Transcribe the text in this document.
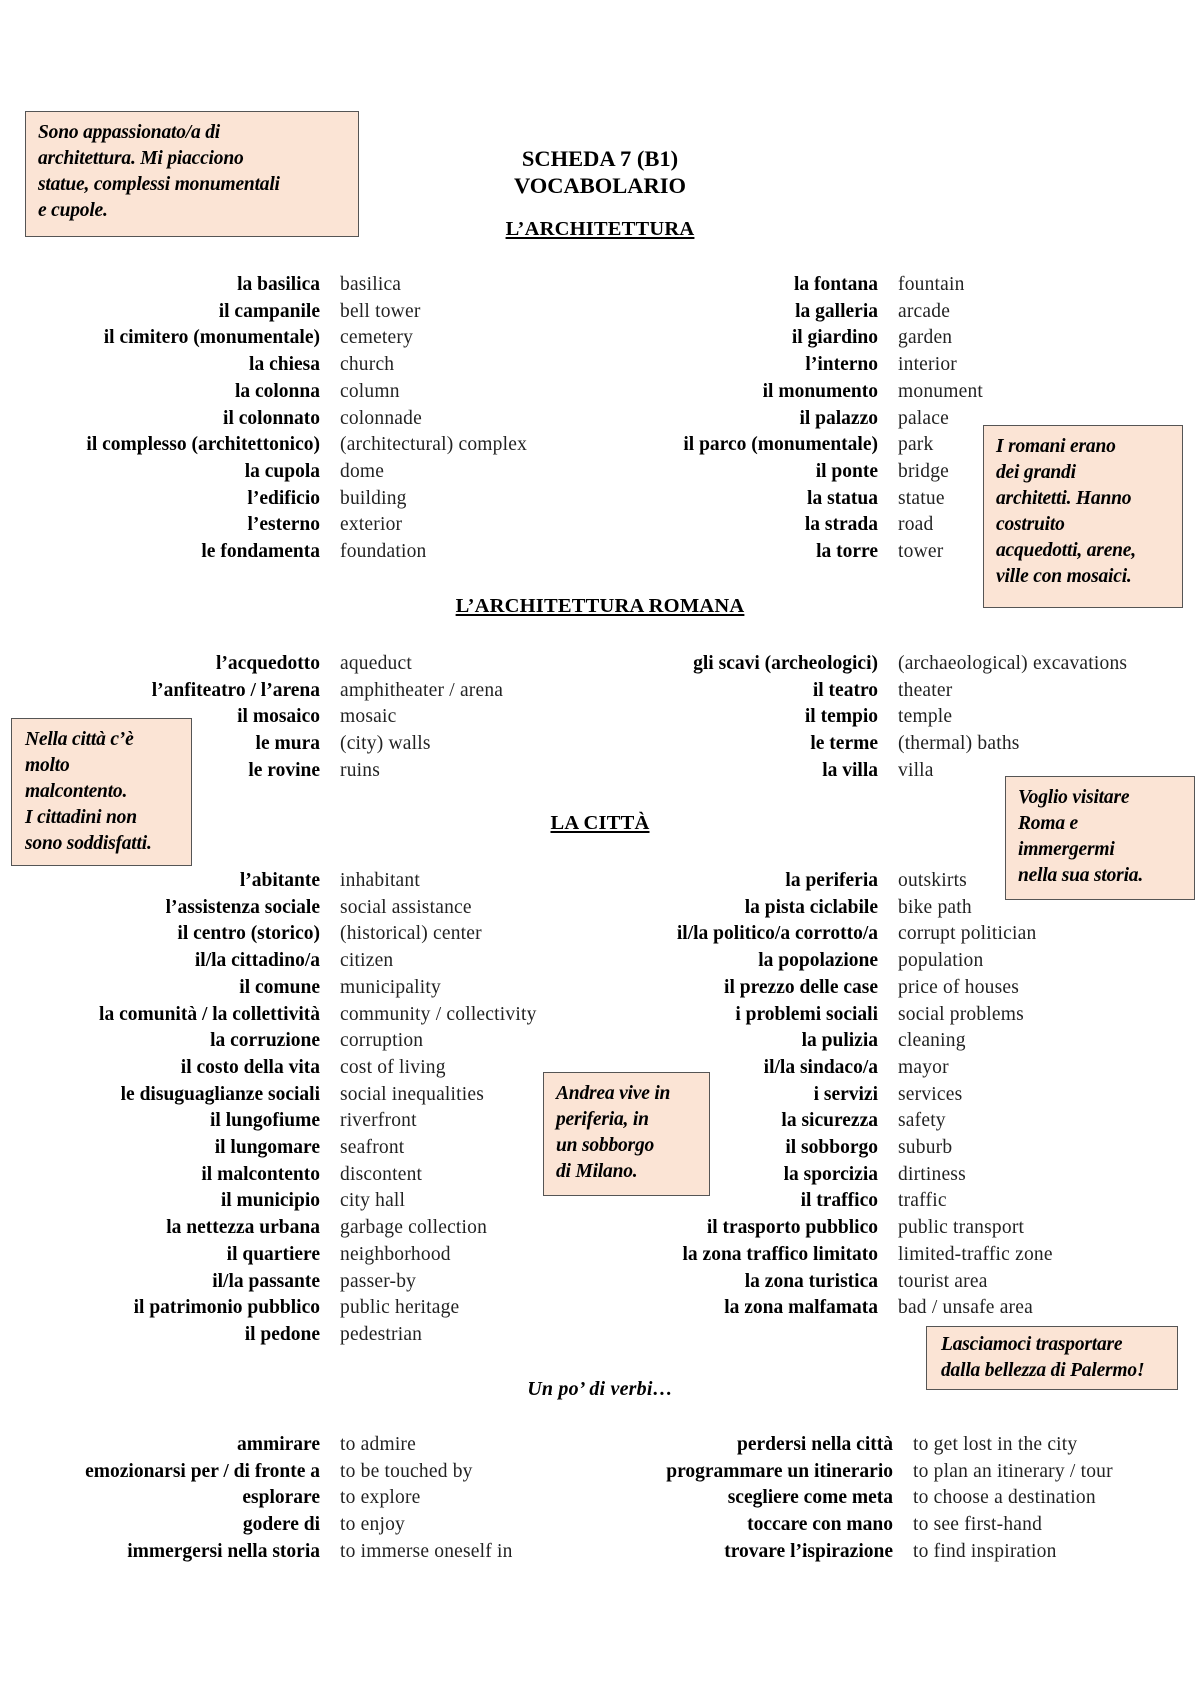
SCHEDA 7 (B1)
VOCABOLARIO
L’ARCHITETTURA
L’ARCHITETTURA ROMANA
LA CITTÀ
Un po’ di verbi…
la basilica basilica
il campanile bell tower
il cimitero (monumentale) cemetery
la chiesa church
la colonna column
il colonnato colonnade
il complesso (architettonico) (architectural) complex
la cupola dome
l’edificio building
l’esterno exterior
le fondamenta foundation
la fontana fountain
la galleria arcade
il giardino garden
l’interno interior
il monumento monument
il palazzo palace
il parco (monumentale) park
il ponte bridge
la statua statue
la strada road
la torre tower
l’acquedotto aqueduct
l’anfiteatro / l’arena amphitheater / arena
il mosaico mosaic
le mura (city) walls
le rovine ruins
gli scavi (archeologici) (archaeological) excavations
il teatro theater
il tempio temple
le terme (thermal) baths
la villa villa
l’abitante inhabitant
l’assistenza sociale social assistance
il centro (storico) (historical) center
il/la cittadino/a citizen
il comune municipality
la comunità / la collettività community / collectivity
la corruzione corruption
il costo della vita cost of living
le disuguaglianze sociali social inequalities
il lungofiume riverfront
il lungomare seafront
il malcontento discontent
il municipio city hall
la nettezza urbana garbage collection
il quartiere neighborhood
il/la passante passer-by
il patrimonio pubblico public heritage
il pedone pedestrian
la periferia outskirts
la pista ciclabile bike path
il/la politico/a corrotto/a corrupt politician
la popolazione population
il prezzo delle case price of houses
i problemi sociali social problems
la pulizia cleaning
il/la sindaco/a mayor
i servizi services
la sicurezza safety
il sobborgo suburb
la sporcizia dirtiness
il traffico traffic
il trasporto pubblico public transport
la zona traffico limitato limited-traffic zone
la zona turistica tourist area
la zona malfamata bad / unsafe area
ammirare to admire
emozionarsi per / di fronte a to be touched by
esplorare to explore
godere di to enjoy
immergersi nella storia to immerse oneself in
perdersi nella città to get lost in the city
programmare un itinerario to plan an itinerary / tour
scegliere come meta to choose a destination
toccare con mano to see first-hand
trovare l’ispirazione to find inspiration
Sono appassionato/a di
architettura. Mi piacciono
statue, complessi monumentali
e cupole.
I romani erano
dei grandi
architetti. Hanno
costruito
acquedotti, arene,
ville con mosaici.
Nella città c’è
molto
malcontento.
I cittadini non
sono soddisfatti.
Voglio visitare
Roma e
immergermi
nella sua storia.
Andrea vive in
periferia, in
un sobborgo
di Milano.
Lasciamoci trasportare
dalla bellezza di Palermo!
